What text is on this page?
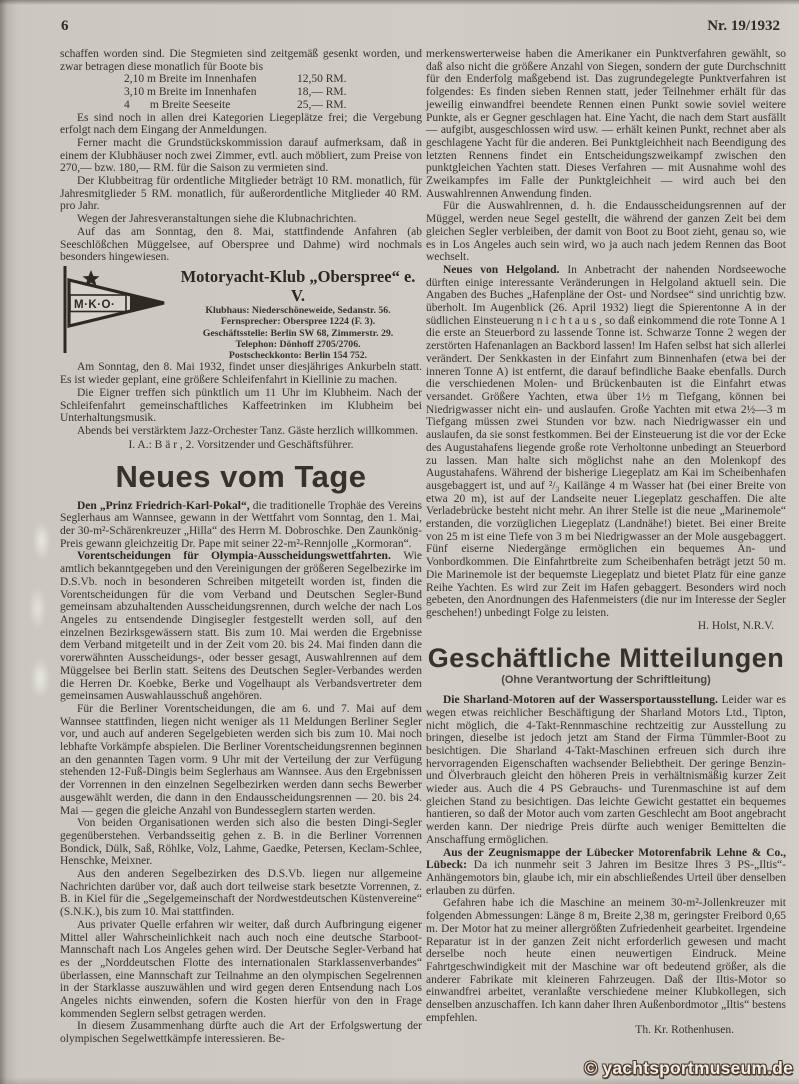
6	Nr. 19/1932

schaffen worden sind. Die Stegmieten sind zeitgemäß gesenkt worden, und zwar betragen diese monatlich für Boote bis

2,10 m Breite im Innenhafen	12,50 RM.
3,10 m Breite im Innenhafen	18,— RM.
4       m Breite Seeseite	25,— RM.

Es sind noch in allen drei Kategorien Liegeplätze frei; die Vergebung erfolgt nach dem Eingang der Anmeldungen.

Ferner macht die Grundstückskommission darauf aufmerksam, daß in einem der Klubhäuser noch zwei Zimmer, evtl. auch möbliert, zum Preise von 270,— bzw. 180,— RM. für die Saison zu vermieten sind.

Der Klubbeitrag für ordentliche Mitglieder beträgt 10 RM. monatlich, für Jahresmitglieder 5 RM. monatlich, für außerordentliche Mitglieder 40 RM. pro Jahr.

Wegen der Jahresveranstaltungen siehe die Klubnachrichten.

Auf das am Sonntag, den 8. Mai, stattfindende Anfahren (ab Seeschlößchen Müggelsee, auf Oberspree und Dahme) wird nochmals besonders hingewiesen.

M·K·O·
Motoryacht-Klub „Oberspree“ e. V.
Klubhaus: Niederschöneweide, Sedanstr. 56.
Fernsprecher: Oberspree 1224 (F. 3).
Geschäftsstelle: Berlin SW 68, Zimmerstr. 29.
Telephon: Dönhoff 2705/2706.
Postscheckkonto: Berlin 154 752.

Am Sonntag, den 8. Mai 1932, findet unser diesjähriges Ankurbeln statt. Es ist wieder geplant, eine größere Schleifenfahrt in Kiellinie zu machen.

Die Eigner treffen sich pünktlich um 11 Uhr im Klubheim. Nach der Schleifenfahrt gemeinschaftliches Kaffeetrinken im Klubheim bei Unterhaltungsmusik.

Abends bei verstärktem Jazz-Orchester Tanz. Gäste herzlich willkommen.

I. A.: B ä r , 2. Vorsitzender und Geschäftsführer.
Neues vom Tage

Den „Prinz Friedrich-Karl-Pokal“, die traditionelle Trophäe des Vereins Seglerhaus am Wannsee, gewann in der Wettfahrt vom Sonntag, den 1. Mai, der 30-m²-Schärenkreuzer „Hilla“ des Herrn M. Dobroschke. Den Zaunkönig-Preis gewann gleichzeitig Dr. Pape mit seiner 22-m²-Rennjolle „Kormoran“.

Vorentscheidungen für Olympia-Ausscheidungswettfahrten. Wie amtlich bekanntgegeben und den Vereinigungen der größeren Segelbezirke im D.S.Vb. noch in besonderen Schreiben mitgeteilt worden ist, finden die Vorentscheidungen für die vom Verband und Deutschen Segler-Bund gemeinsam abzuhaltenden Ausscheidungsrennen, durch welche der nach Los Angeles zu entsendende Dingisegler festgestellt werden soll, auf den einzelnen Bezirksgewässern statt. Bis zum 10. Mai werden die Ergebnisse dem Verband mitgeteilt und in der Zeit vom 20. bis 24. Mai finden dann die vorerwähnten Ausscheidungs-, oder besser gesagt, Auswahlrennen auf dem Müggelsee bei Berlin statt. Seitens des Deutschen Segler-Verbandes werden die Herren Dr. Koebke, Berke und Vogelhaupt als Verbandsvertreter dem gemeinsamen Auswahlausschuß angehören.

Für die Berliner Vorentscheidungen, die am 6. und 7. Mai auf dem Wannsee stattfinden, liegen nicht weniger als 11 Meldungen Berliner Segler vor, und auch auf anderen Segelgebieten werden sich bis zum 10. Mai noch lebhafte Vorkämpfe abspielen. Die Berliner Vorentscheidungsrennen beginnen an den genannten Tagen vorm. 9 Uhr mit der Verteilung der zur Verfügung stehenden 12-Fuß-Dingis beim Seglerhaus am Wannsee. Aus den Ergebnissen der Vorrennen in den einzelnen Segelbezirken werden dann sechs Bewerber ausgewählt werden, die dann in den Endausscheidungsrennen — 20. bis 24. Mai — gegen die gleiche Anzahl von Bundesseglern starten werden.

Von beiden Organisationen werden sich also die besten Dingi-Segler gegenüberstehen. Verbandsseitig gehen z. B. in die Berliner Vorrennen Bondick, Dülk, Saß, Röhlke, Volz, Lahme, Gaedke, Petersen, Keclam-Schlee, Henschke, Meixner.

Aus den anderen Segelbezirken des D.S.Vb. liegen nur allgemeine Nachrichten darüber vor, daß auch dort teilweise stark besetzte Vorrennen, z. B. in Kiel für die „Segelgemeinschaft der Nordwestdeutschen Küstenvereine“ (S.N.K.), bis zum 10. Mai stattfinden.

Aus privater Quelle erfahren wir weiter, daß durch Aufbringung eigener Mittel aller Wahrscheinlichkeit nach auch noch eine deutsche Starboot-Mannschaft nach Los Angeles gehen wird. Der Deutsche Segler-Verband hat es der „Norddeutschen Flotte des internationalen Starklassenverbandes“ überlassen, eine Mannschaft zur Teilnahme an den olympischen Segelrennen in der Starklasse auszuwählen und wird gegen deren Entsendung nach Los Angeles nichts einwenden, sofern die Kosten hierfür von den in Frage kommenden Seglern selbst getragen werden.

In diesem Zusammenhang dürfte auch die Art der Erfolgswertung der olympischen Segelwettkämpfe interessieren. Be-

merkenswerterweise haben die Amerikaner ein Punktverfahren gewählt, so daß also nicht die größere Anzahl von Siegen, sondern der gute Durchschnitt für den Enderfolg maßgebend ist. Das zugrundegelegte Punktverfahren ist folgendes: Es finden sieben Rennen statt, jeder Teilnehmer erhält für das jeweilig einwandfrei beendete Rennen einen Punkt sowie soviel weitere Punkte, als er Gegner geschlagen hat. Eine Yacht, die nach dem Start ausfällt — aufgibt, ausgeschlossen wird usw. — erhält keinen Punkt, rechnet aber als geschlagene Yacht für die anderen. Bei Punktgleichheit nach Beendigung des letzten Rennens findet ein Entscheidungszweikampf zwischen den punktgleichen Yachten statt. Dieses Verfahren — mit Ausnahme wohl des Zweikampfes im Falle der Punktgleichheit — wird auch bei den Auswahlrennen Anwendung finden.

Für die Auswahlrennen, d. h. die Endausscheidungsrennen auf der Müggel, werden neue Segel gestellt, die während der ganzen Zeit bei dem gleichen Segler verbleiben, der damit von Boot zu Boot zieht, genau so, wie es in Los Angeles auch sein wird, wo ja auch nach jedem Rennen das Boot wechselt.

Neues von Helgoland. In Anbetracht der nahenden Nordseewoche dürften einige interessante Veränderungen in Helgoland aktuell sein. Die Angaben des Buches „Hafenpläne der Ost- und Nordsee“ sind unrichtig bzw. überholt. Im Augenblick (26. April 1932) liegt die Spierentonne A in der südlichen Einsteuerung n i c h t a u s , so daß einkommend die rote Tonne A 1 die erste an Steuerbord zu lassende Tonne ist. Schwarze Tonne 2 wegen der zerstörten Hafenanlagen an Backbord lassen! Im Hafen selbst hat sich allerlei verändert. Der Senkkasten in der Einfahrt zum Binnenhafen (etwa bei der inneren Tonne A) ist entfernt, die darauf befindliche Baake ebenfalls. Durch die verschiedenen Molen- und Brückenbauten ist die Einfahrt etwas versandet. Größere Yachten, etwa über 1½ m Tiefgang, können bei Niedrigwasser nicht ein- und auslaufen. Große Yachten mit etwa 2½—3 m Tiefgang müssen zwei Stunden vor bzw. nach Niedrigwasser ein und auslaufen, da sie sonst festkommen. Bei der Einsteuerung ist die vor der Ecke des Augustahafens liegende große rote Verholtonne unbedingt an Steuerbord zu lassen. Man halte sich möglichst nahe an den Molenkopf des Augustahafens. Während der bisherige Liegeplatz am Kai im Scheibenhafen ausgebaggert ist, und auf ²/₃ Kailänge 4 m Wasser hat (bei einer Breite von etwa 20 m), ist auf der Landseite neuer Liegeplatz geschaffen. Die alte Verladebrücke besteht nicht mehr. An ihrer Stelle ist die neue „Marinemole“ erstanden, die vorzüglichen Liegeplatz (Landnähe!) bietet. Bei einer Breite von 25 m ist eine Tiefe von 3 m bei Niedrigwasser an der Mole ausgebaggert. Fünf eiserne Niedergänge ermöglichen ein bequemes An- und Vonbordkommen. Die Einfahrtbreite zum Scheibenhafen beträgt jetzt 50 m. Die Marinemole ist der bequemste Liegeplatz und bietet Platz für eine ganze Reihe Yachten. Es wird zur Zeit im Hafen gebaggert. Besonders wird noch gebeten, den Anordnungen des Hafenmeisters (die nur im Interesse der Segler geschehen!) unbedingt Folge zu leisten.

H. Holst, N.R.V.
Geschäftliche Mitteilungen
(Ohne Verantwortung der Schriftleitung)

Die Sharland-Motoren auf der Wassersportausstellung. Leider war es wegen etwas reichlicher Beschäftigung der Sharland Motors Ltd., Tipton, nicht möglich, die 4-Takt-Rennmaschine rechtzeitig zur Ausstellung zu bringen, dieselbe ist jedoch jetzt am Stand der Firma Tümmler-Boot zu besichtigen. Die Sharland 4-Takt-Maschinen erfreuen sich durch ihre hervorragenden Eigenschaften wachsender Beliebtheit. Der geringe Benzin- und Ölverbrauch gleicht den höheren Preis in verhältnismäßig kurzer Zeit wieder aus. Auch die 4 PS Gebrauchs- und Turenmaschine ist auf dem gleichen Stand zu besichtigen. Das leichte Gewicht gestattet ein bequemes hantieren, so daß der Motor auch vom zarten Geschlecht am Boot angebracht werden kann. Der niedrige Preis dürfte auch weniger Bemittelten die Anschaffung ermöglichen.

Aus der Zeugnismappe der Lübecker Motorenfabrik Lehne & Co., Lübeck: Da ich nunmehr seit 3 Jahren im Besitze Ihres 3 PS-„Iltis“-Anhängemotors bin, glaube ich, mir ein abschließendes Urteil über denselben erlauben zu dürfen.

Gefahren habe ich die Maschine an meinem 30-m²-Jollenkreuzer mit folgenden Abmessungen: Länge 8 m, Breite 2,38 m, geringster Freibord 0,65 m. Der Motor hat zu meiner allergrößten Zufriedenheit gearbeitet. Irgendeine Reparatur ist in der ganzen Zeit nicht erforderlich gewesen und macht derselbe noch heute einen neuwertigen Eindruck. Meine Fahrtgeschwindigkeit mit der Maschine war oft bedeutend größer, als die anderer Fabrikate mit kleineren Fahrzeugen. Daß der Iltis-Motor so einwandfrei arbeitet, veranlaßte verschiedene meiner Klubkollegen, sich denselben anzuschaffen. Ich kann daher Ihren Außenbordmotor „Iltis“ bestens empfehlen.

Th. Kr. Rothenhusen.
© yachtsportmuseum.de
